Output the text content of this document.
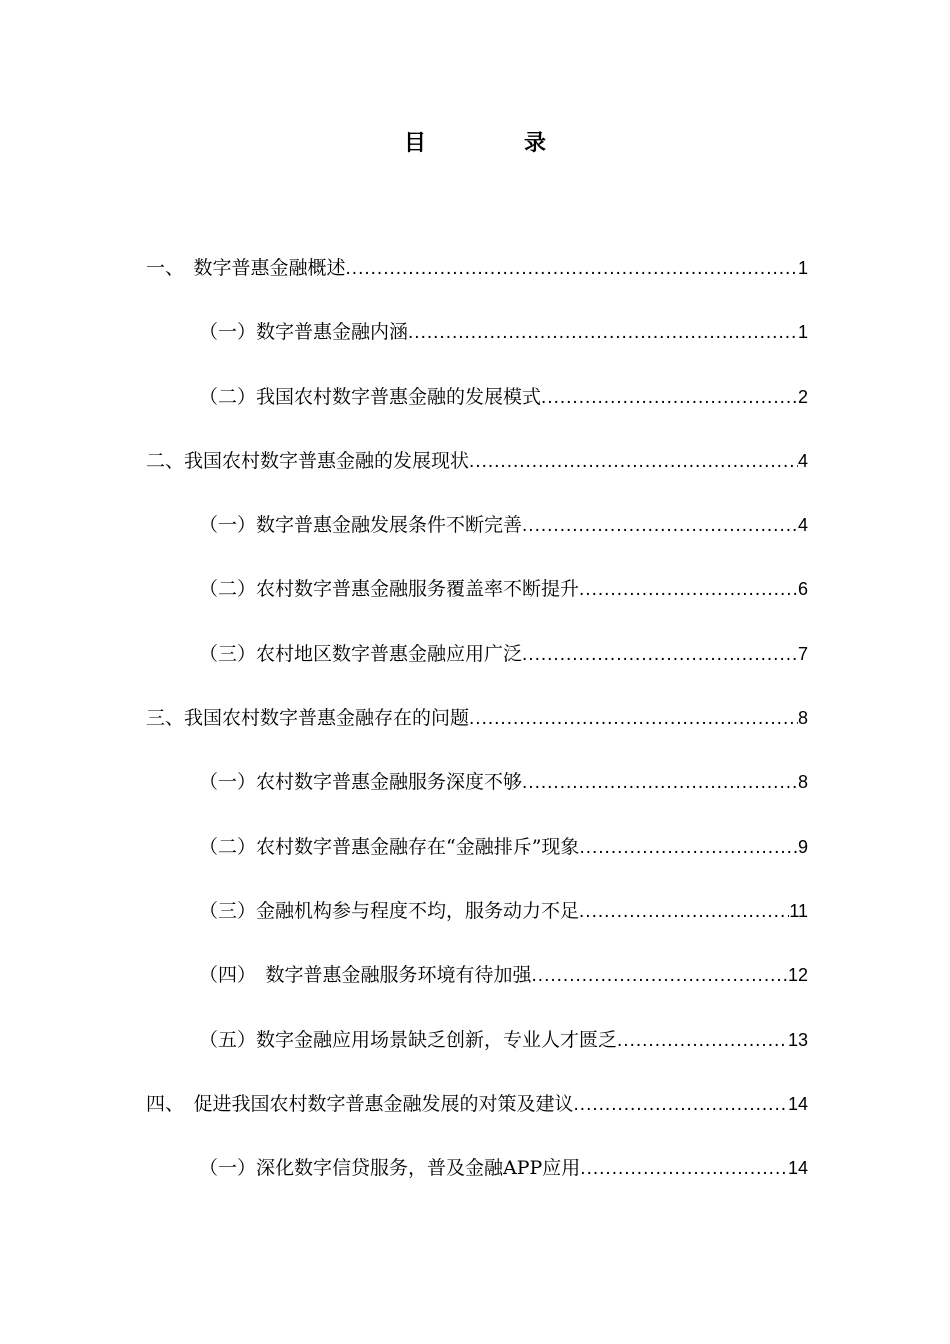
目　录
一、　数字普惠金融概述 .....	1
（一）数字普惠金融内涵 .....	1
（二）我国农村数字普惠金融的发展模式 .....	2
二、我国农村数字普惠金融的发展现状 .....	4
（一）数字普惠金融发展条件不断完善 .....	4
（二）农村数字普惠金融服务覆盖率不断提升 .....	6
（三）农村地区数字普惠金融应用广泛 .....	7
三、我国农村数字普惠金融存在的问题 .....	8
（一）农村数字普惠金融服务深度不够 .....	8
（二）农村数字普惠金融存在“金融排斥”现象 .....	9
（三）金融机构参与程度不均，服务动力不足 .....	11
（四）　数字普惠金融服务环境有待加强 .....	12
（五）数字金融应用场景缺乏创新，专业人才匮乏 .....	13
四、　促进我国农村数字普惠金融发展的对策及建议 .....	14
（一）深化数字信贷服务，普及金融APP应用 .....	14
